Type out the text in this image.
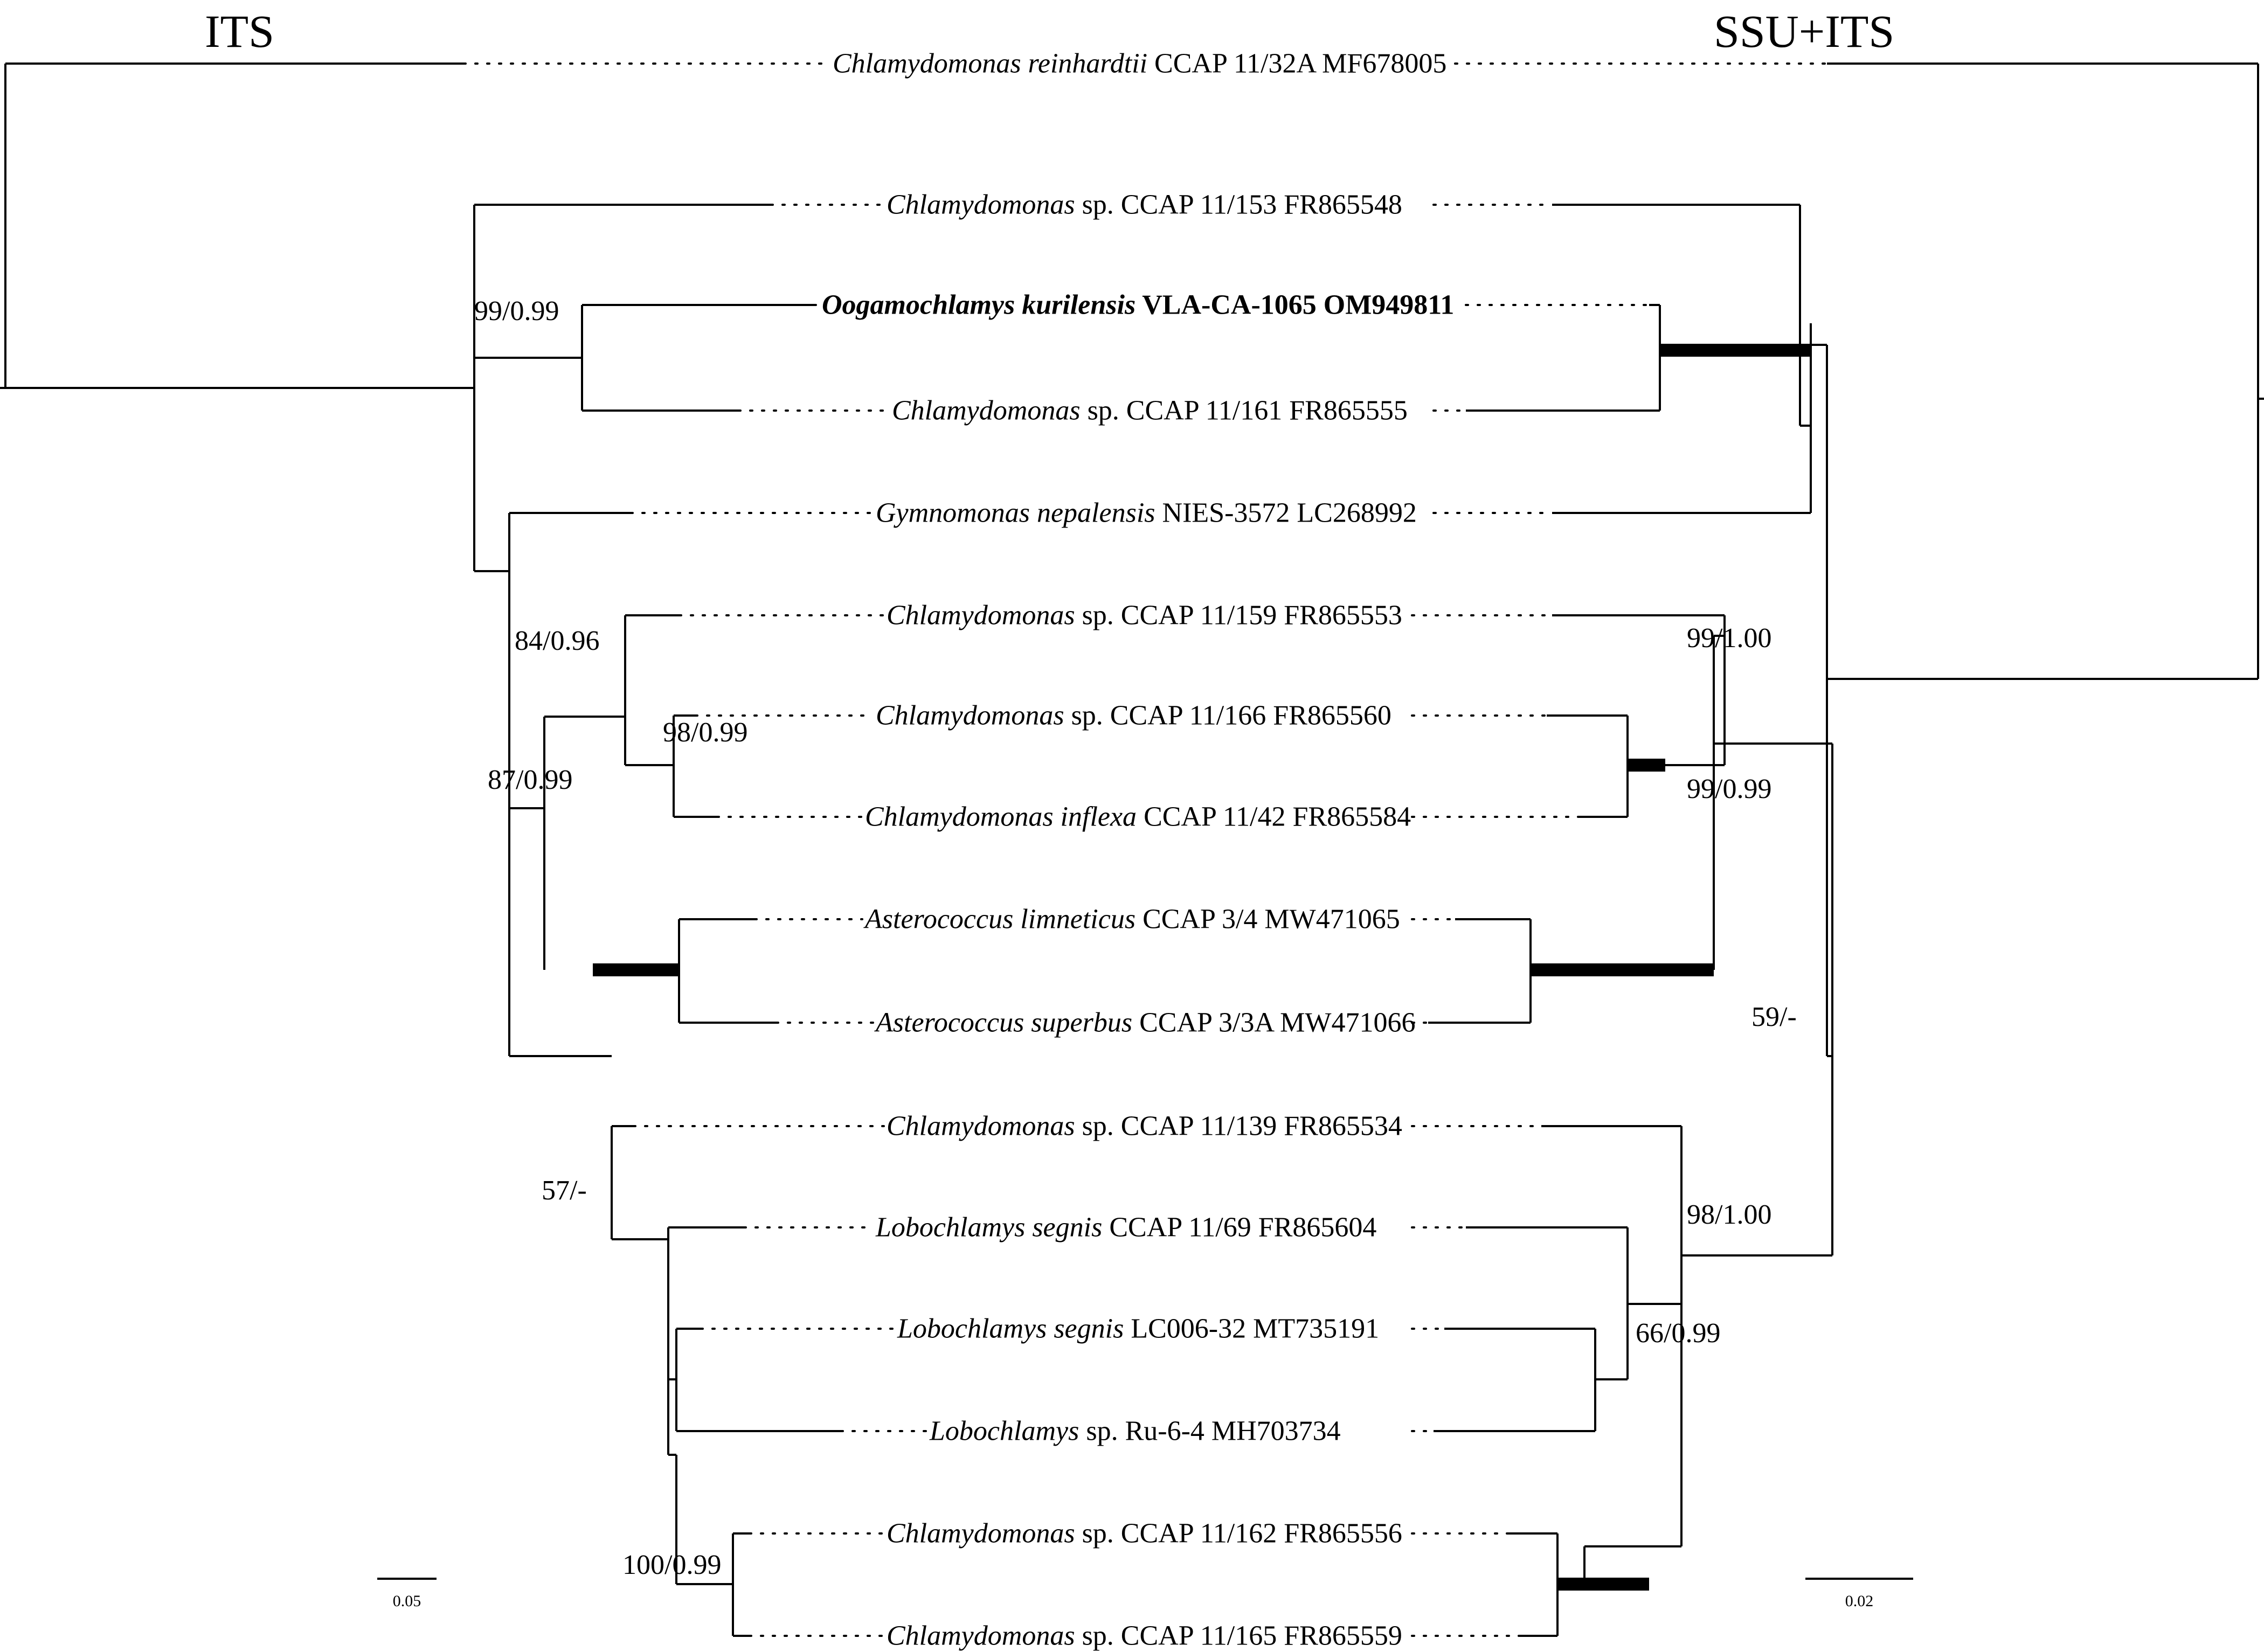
ITS	SSU+ITS
Chlamydomonas reinhardtii CCAP 11/32A MF678005
Chlamydomonas sp. CCAP 11/153 FR865548
Oogamochlamys kurilensis VLA-CA-1065 OM949811
Chlamydomonas sp. CCAP 11/161 FR865555
Gymnomonas nepalensis NIES-3572 LC268992
Chlamydomonas sp. CCAP 11/159 FR865553
Chlamydomonas sp. CCAP 11/166 FR865560
Chlamydomonas inflexa CCAP 11/42 FR865584
Asterococcus limneticus CCAP 3/4 MW471065
Asterococcus superbus CCAP 3/3A MW471066
Chlamydomonas sp. CCAP 11/139 FR865534
Lobochlamys segnis CCAP 11/69 FR865604
Lobochlamys segnis LC006-32 MT735191
Lobochlamys sp. Ru-6-4 MH703734
Chlamydomonas sp. CCAP 11/162 FR865556
Chlamydomonas sp. CCAP 11/165 FR865559
99/0.99
84/0.96
98/0.99
87/0.99
57/-
100/0.99
99/1.00
99/0.99
59/-
98/1.00
66/0.99
0.05	0.02
